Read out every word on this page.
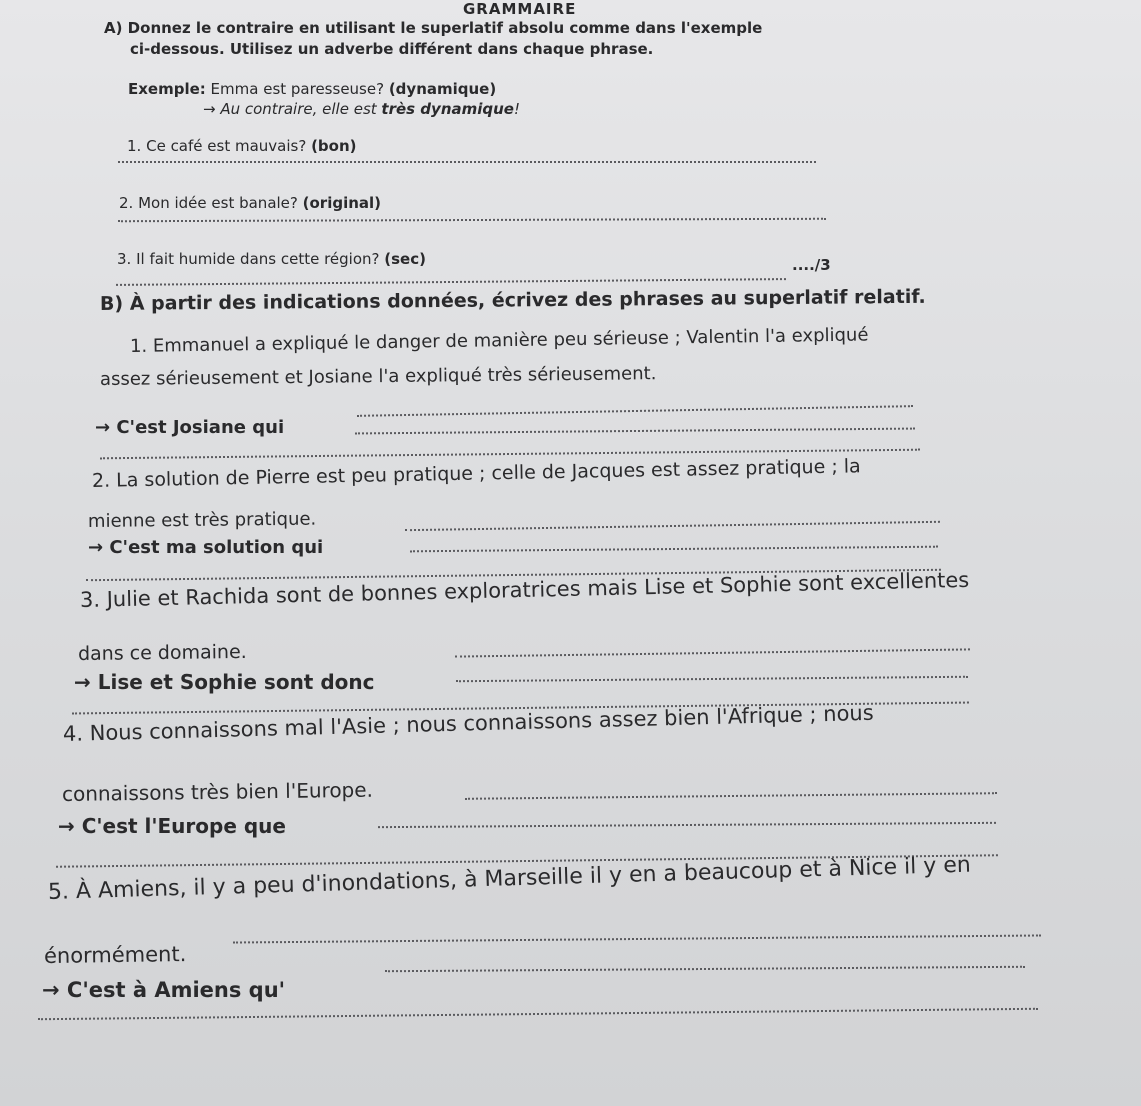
GRAMMAIRE
A) Donnez le contraire en utilisant le superlatif absolu comme dans l'exemple
ci-dessous. Utilisez un adverbe différent dans chaque phrase.
Exemple: Emma est paresseuse? (dynamique)
→ Au contraire, elle est très dynamique!
1. Ce café est mauvais? (bon)
2. Mon idée est banale? (original)
3. Il fait humide dans cette région? (sec)	..../3
B) À partir des indications données, écrivez des phrases au superlatif relatif.
1. Emmanuel a expliqué le danger de manière peu sérieuse ; Valentin l'a expliqué
assez sérieusement et Josiane l'a expliqué très sérieusement.
→ C'est Josiane qui
2. La solution de Pierre est peu pratique ; celle de Jacques est assez pratique ; la
mienne est très pratique.
→ C'est ma solution qui
3. Julie et Rachida sont de bonnes exploratrices mais Lise et Sophie sont excellentes
dans ce domaine.
→ Lise et Sophie sont donc
4. Nous connaissons mal l'Asie ; nous connaissons assez bien l'Afrique ; nous
connaissons très bien l'Europe.
→ C'est l'Europe que
5. À Amiens, il y a peu d'inondations, à Marseille il y en a beaucoup et à Nice il y en
énormément.
→ C'est à Amiens qu'
